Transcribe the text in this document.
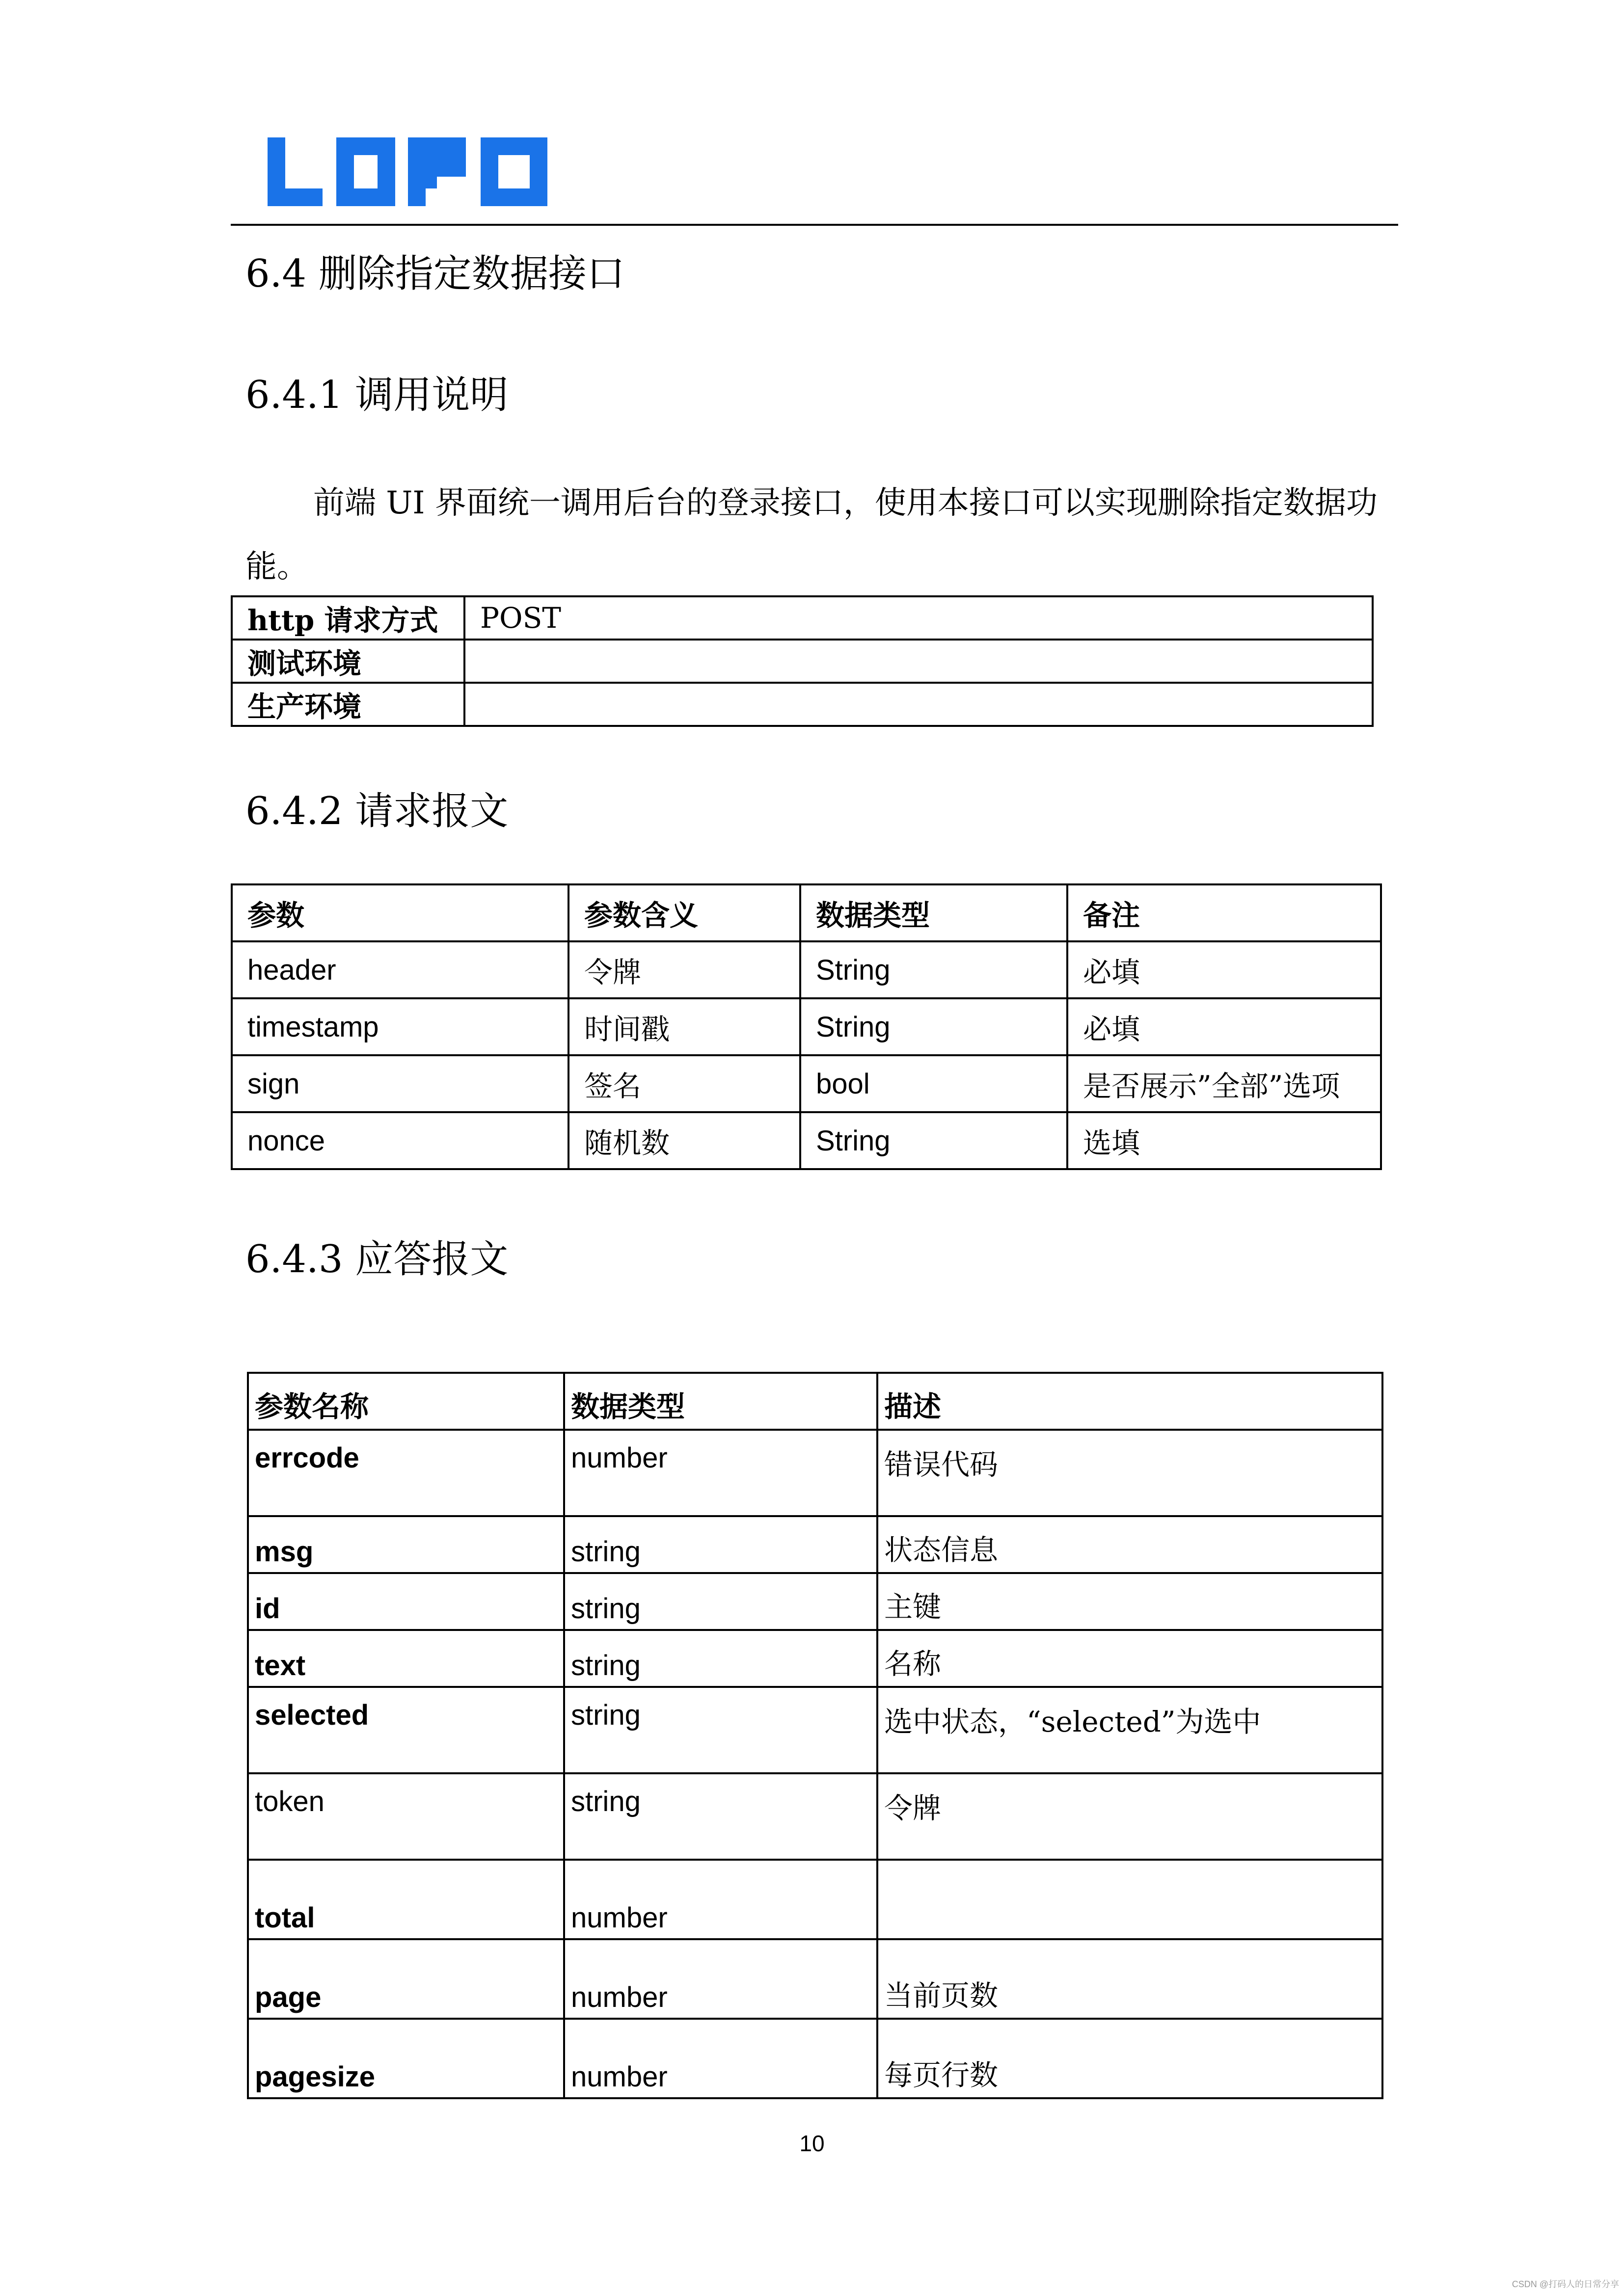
6.4 删除指定数据接口
6.4.1 调用说明

前端 UI 界面统一调用后台的登录接口，使用本接口可以实现删除指定数据功能。

http 请求方式	POST
测试环境	
生产环境	
6.4.2 请求报文
参数	参数含义	数据类型	备注
header	令牌	String	必填
timestamp	时间戳	String	必填
sign	签名	bool	是否展示”全部”选项
nonce	随机数	String	选填
6.4.3 应答报文
参数名称	数据类型	描述
errcode	number	错误代码
msg	string	状态信息
id	string	主键
text	string	名称
selected	string	选中状态，“selected”为选中
token	string	令牌
total	number	
page	number	当前页数
pagesize	number	每页行数
10
CSDN @打码人的日常分享
